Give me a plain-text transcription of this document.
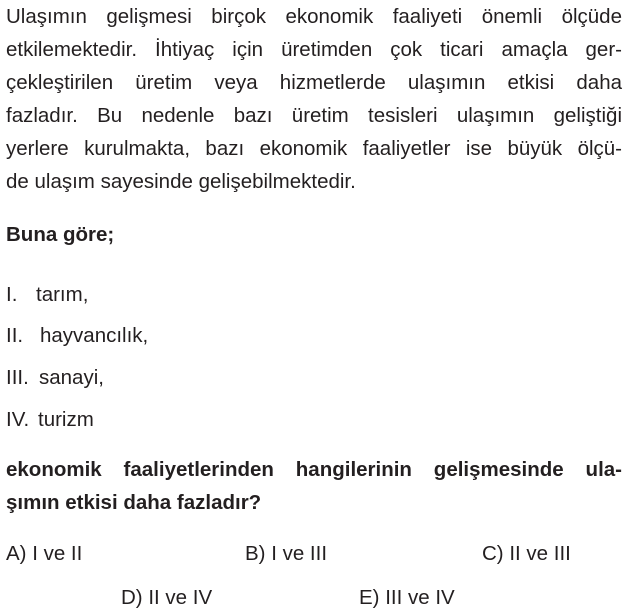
Ulaşımın gelişmesi birçok ekonomik faaliyeti önemli ölçüde
etkilemektedir. İhtiyaç için üretimden çok ticari amaçla ger-
çekleştirilen üretim veya hizmetlerde ulaşımın etkisi daha
fazladır. Bu nedenle bazı üretim tesisleri ulaşımın geliştiği
yerlere kurulmakta, bazı ekonomik faaliyetler ise büyük ölçü-
de ulaşım sayesinde gelişebilmektedir.
Buna göre;
I. tarım,
II. hayvancılık,
III. sanayi,
IV. turizm
ekonomik faaliyetlerinden hangilerinin gelişmesinde ula-
şımın etkisi daha fazladır?
A) I ve II	B) I ve III	C) II ve III
D) II ve IV	E) III ve IV
